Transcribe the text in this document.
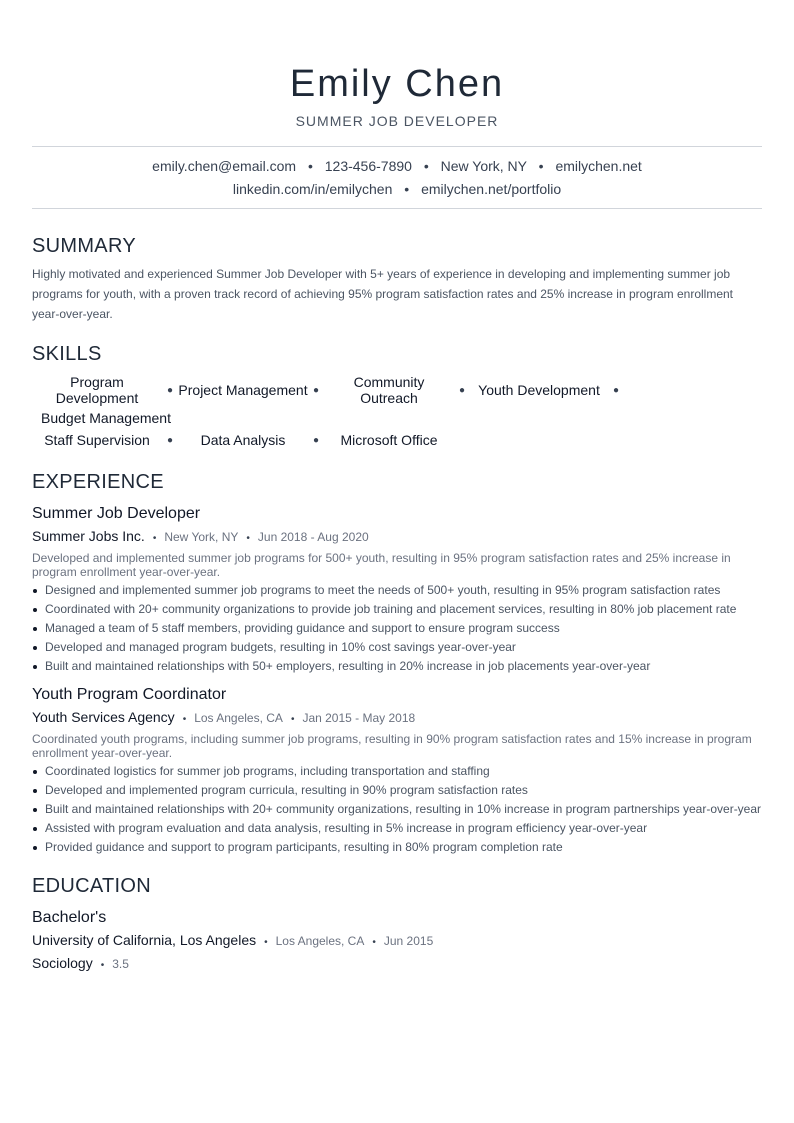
Emily Chen
SUMMER JOB DEVELOPER
emily.chen@email.com • 123-456-7890 • New York, NY • emilychen.net
linkedin.com/in/emilychen • emilychen.net/portfolio
SUMMARY
Highly motivated and experienced Summer Job Developer with 5+ years of experience in developing and implementing summer job programs for youth, with a proven track record of achieving 95% program satisfaction rates and 25% increase in program enrollment year-over-year.
SKILLS
Program Development	● Project Management ●	Community Outreach	● Youth Development	●
Budget Management
Staff Supervision	●	Data Analysis	●	Microsoft Office
EXPERIENCE
Summer Job Developer
Summer Jobs Inc. • New York, NY • Jun 2018 - Aug 2020
Developed and implemented summer job programs for 500+ youth, resulting in 95% program satisfaction rates and 25% increase in program enrollment year-over-year.
Designed and implemented summer job programs to meet the needs of 500+ youth, resulting in 95% program satisfaction rates
Coordinated with 20+ community organizations to provide job training and placement services, resulting in 80% job placement rate
Managed a team of 5 staff members, providing guidance and support to ensure program success
Developed and managed program budgets, resulting in 10% cost savings year-over-year
Built and maintained relationships with 50+ employers, resulting in 20% increase in job placements year-over-year
Youth Program Coordinator
Youth Services Agency • Los Angeles, CA • Jan 2015 - May 2018
Coordinated youth programs, including summer job programs, resulting in 90% program satisfaction rates and 15% increase in program enrollment year-over-year.
Coordinated logistics for summer job programs, including transportation and staffing
Developed and implemented program curricula, resulting in 90% program satisfaction rates
Built and maintained relationships with 20+ community organizations, resulting in 10% increase in program partnerships year-over-year
Assisted with program evaluation and data analysis, resulting in 5% increase in program efficiency year-over-year
Provided guidance and support to program participants, resulting in 80% program completion rate
EDUCATION
Bachelor's
University of California, Los Angeles • Los Angeles, CA • Jun 2015
Sociology • 3.5
